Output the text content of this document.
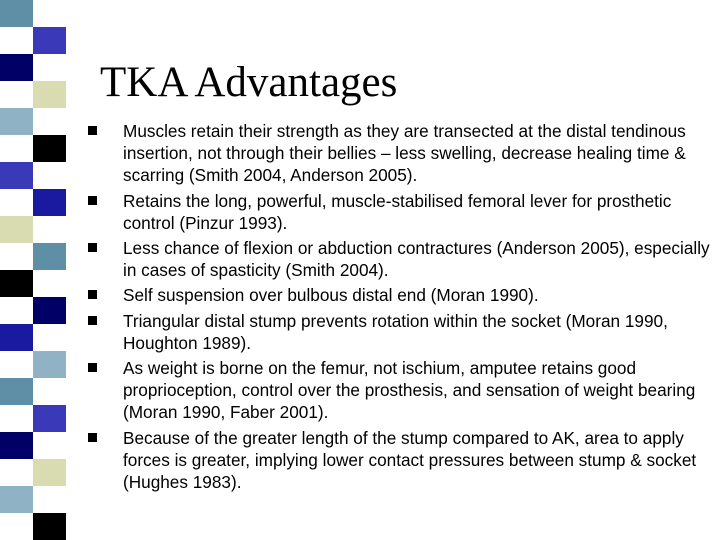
TKA Advantages
Muscles retain their strength as they are transected at the distal tendinous insertion, not through their bellies – less swelling, decrease healing time & scarring (Smith 2004, Anderson 2005).
Retains the long, powerful, muscle-stabilised femoral lever for prosthetic control (Pinzur 1993).
Less chance of flexion or abduction contractures (Anderson 2005), especially in cases of spasticity (Smith 2004).
Self suspension over bulbous distal end (Moran 1990).
Triangular distal stump prevents rotation within the socket (Moran 1990, Houghton 1989).
As weight is borne on the femur, not ischium, amputee retains good proprioception, control over the prosthesis, and sensation of weight bearing (Moran 1990, Faber 2001).
Because of the greater length of the stump compared to AK, area to apply forces is greater, implying lower contact pressures between stump & socket (Hughes 1983).
